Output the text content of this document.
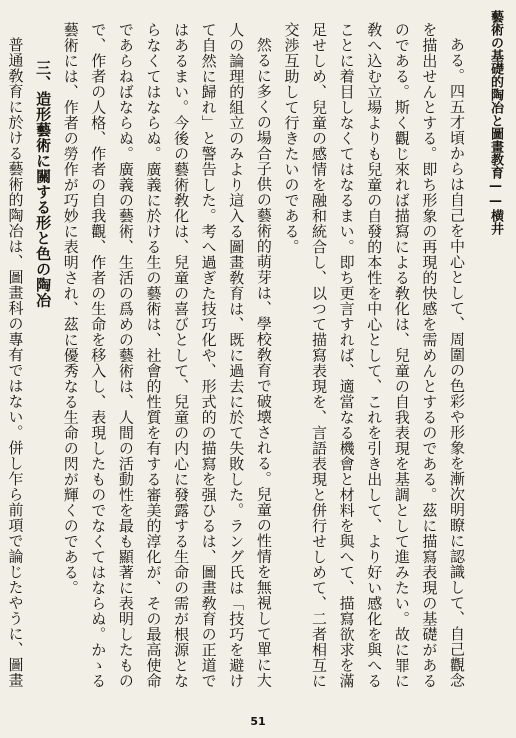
藝術の基礎的陶冶と圖畫教育——横井

ある。四五才頃からは自己を中心として、周圍の色彩や形象を漸次明瞭に認識して、自己觀念を描出せんとする。即ち形象の再現的快感を需めんとするのである。茲に描寫表現の基礎があるのである。斯く觀じ來れば描寫による敎化は、兒童の自我表現を基調として進みたい。故に罪に敎へ込む立場よりも兒童の自發的本性を中心として、これを引き出して、より好い感化を與へることに着目しなくてはなるまい。即ち更言すれば、適當なる機會と材料を與へて、描寫欲求を滿足せしめ、兒童の感情を融和統合し、以つて描寫表現を、言語表現と併行せしめて、二者相互に交渉互助して行きたいのである。

然るに多くの場合子供の藝術的萌芽は、學校敎育で破壊される。兒童の性情を無視して單に大人の論理的組立のみより這入る圖畫敎育は、既に過去に於て失敗した。ラング氏は「技巧を避けて自然に歸れ」と警告した。考へ過ぎた技巧化や、形式的の描寫を强ひるは、圖畫敎育の正道ではあるまい。今後の藝術敎化は、兒童の喜びとして、兒童の内心に發露する生命の需が根源とならなくてはならぬ。廣義に於ける生の藝術は、社會的性質を有する審美的淳化が、その最高使命であらねばならぬ。廣義の藝術、生活の爲めの藝術は、人間の活動性を最も顯著に表明したもので、作者の人格、作者の自我觀、作者の生命を移入し、表現したものでなくてはならぬ。かゝる藝術には、作者の勞作が巧妙に表明され、茲に優秀なる生命の閃が輝くのである。

三、造形藝術に關する形と色の陶冶

普通敎育に於ける藝術的陶冶は、圖畫科の專有ではない。併し乍ら前項で論じたやうに、圖畫

51
